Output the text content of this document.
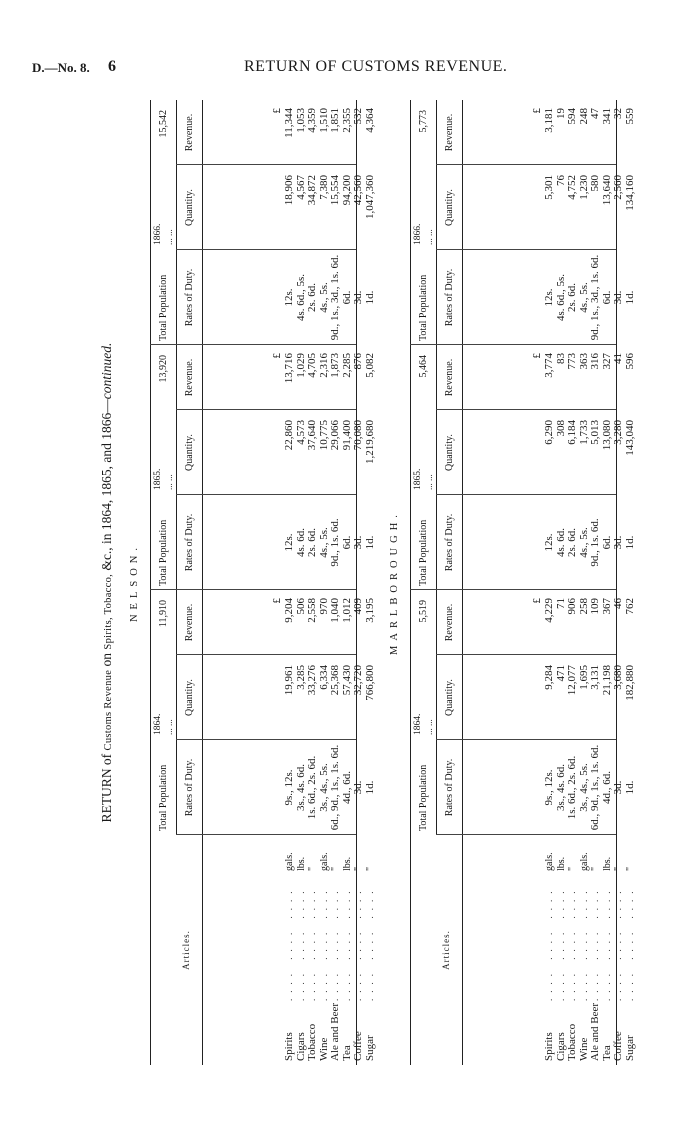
D.—No. 8. 6	RETURN OF CUSTOMS REVENUE.
RETURN of Customs Revenue on Spirits, Tobacco, &c., in 1864, 1865, and 1866—continued.
NELSON.
Articles.
Spirits
.... .... ....
gals.
Cigars
.... .... ....
lbs.
Tobacco
.... .... ....
"
Wine
.... .... ....
gals.
Ale and Beer
.... .... ....
"
Tea
.... .... ....
lbs.
Coffee
.... .... ....
"
Sugar
.... .... ....
"
Total Population
1864. ... ...
11,910
Rates of Duty.
Quantity.
Revenue.
£
9s., 12s.
19,961
9,204
3s., 4s. 6d.
3,285
506
1s. 6d., 2s. 6d.
33,276
2,558
3s., 4s., 5s.
6,334
970
6d., 9d., 1s., 1s. 6d.
25,368
1,040
4d., 6d.
57,430
1,012
3d.
32,720
409
1d.
766,800
3,195
Total Population
1865. ... ...
13,920
Rates of Duty.
Quantity.
Revenue.
£
12s.
22,860
13,716
4s. 6d.
4,573
1,029
2s. 6d.
37,640
4,705
4s., 5s.
10,775
2,316
9d., 1s. 6d.
29,066
1,873
6d.
91,400
2,285
3d.
70,080
876
1d.
1,219,680
5,082
Total Population
1866. ... ...
15,542
Rates of Duty.
Quantity.
Revenue.
£
12s.
18,906
11,344
4s. 6d., 5s.
4,567
1,053
2s. 6d.
34,872
4,359
4s., 5s.
7,380
1,510
9d., 1s., 3d., 1s. 6d.
15,554
1,851
6d.
94,200
2,355
3d.
42,560
532
1d.
1,047,360
4,364
MARLBOROUGH.
Articles.
Spirits
.... .... ....
gals.
Cigars
.... .... ....
lbs.
Tobacco
.... .... ....
"
Wine
.... .... ....
gals.
Ale and Beer
.... .... ....
"
Tea
.... .... ....
lbs.
Coffee
.... .... ....
"
Sugar
.... .... ....
"
Total Population
1864. ... ...
5,519
Rates of Duty.
Quantity.
Revenue.
£
9s., 12s.
9,284
4,229
3s., 4s. 6d.
471
71
1s. 6d., 2s. 6d.
12,077
906
3s., 4s., 5s.
1,695
258
6d., 9d., 1s., 1s. 6d.
3,131
109
4d., 6d.
21,198
367
3d.
3,680
46
1d.
182,880
762
Total Population
1865. ... ...
5,464
Rates of Duty.
Quantity.
Revenue.
£
12s.
6,290
3,774
4s. 6d.
308
83
2s. 6d.
6,184
773
4s., 5s.
1,733
363
9d., 1s. 6d.
5,013
316
6d.
13,080
327
3d.
3,280
41
1d.
143,040
596
Total Population
1866. ... ...
5,773
Rates of Duty.
Quantity.
Revenue.
£
12s.
5,301
3,181
4s. 6d., 5s.
76
19
2s. 6d.
4,752
594
4s., 5s.
1,230
248
9d., 1s., 3d., 1s. 6d.
580
47
6d.
13,640
341
3d.
2,560
32
1d.
134,160
559
